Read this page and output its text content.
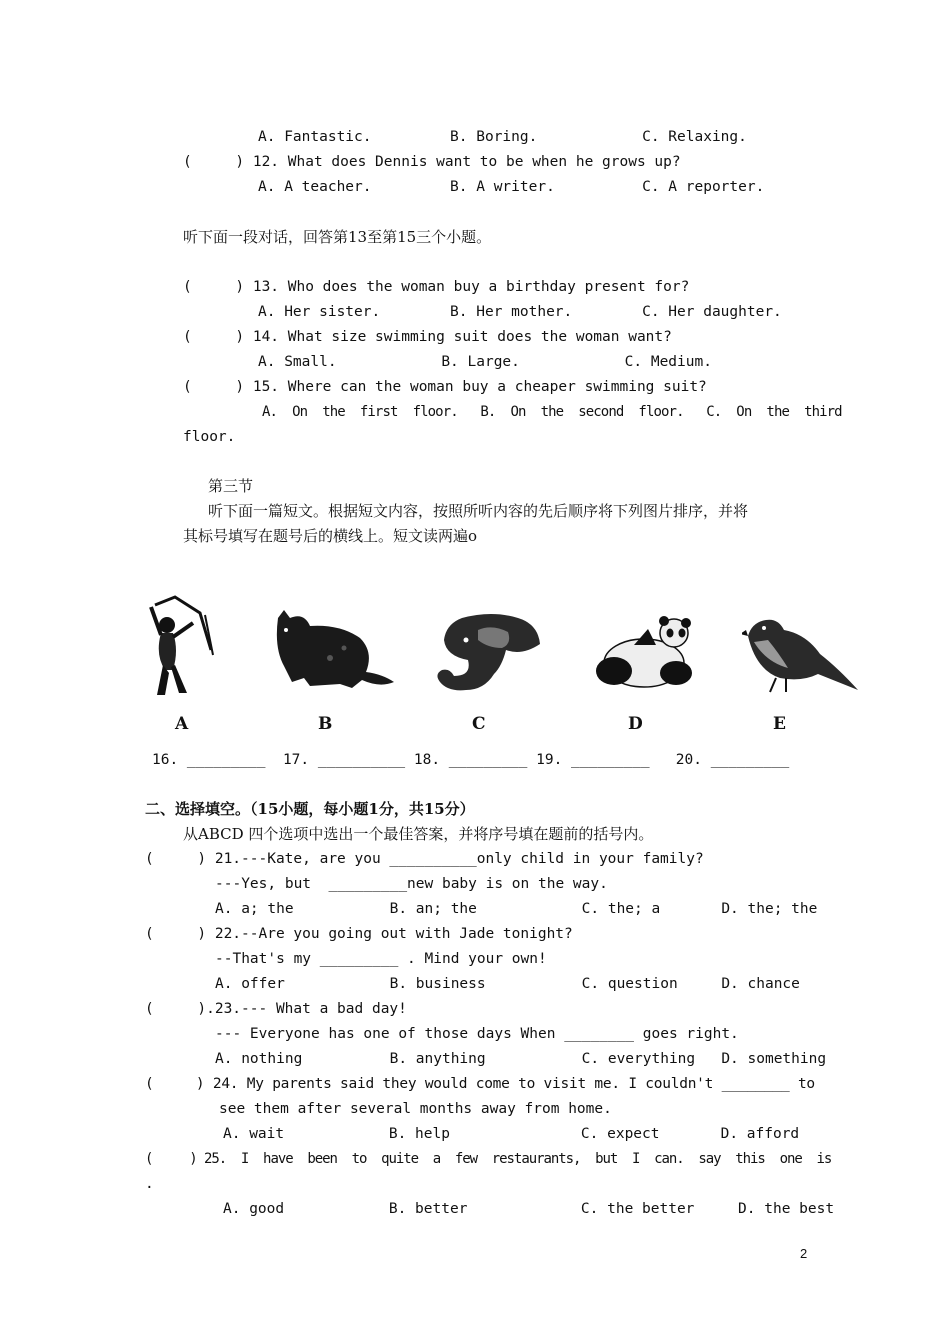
A. Fantastic.         B. Boring.            C. Relaxing.
(     ) 12. What does Dennis want to be when he grows up?
A. A teacher.         B. A writer.          C. A reporter.
听下面一段对话，回答第13至第15三个小题。
(     ) 13. Who does the woman buy a birthday present for?
A. Her sister.        B. Her mother.        C. Her daughter.
(     ) 14. What size swimming suit does the woman want?
A. Small.            B. Large.            C. Medium.
(     ) 15. Where can the woman buy a cheaper swimming suit?
A.  On  the  first  floor.   B.  On  the  second  floor.   C.  On  the  third
floor.
第三节
听下面一篇短文。根据短文内容，按照所听内容的先后顺序将下列图片排序，并将
其标号填写在题号后的横线上。短文读两遍o
A	B	C	D	E
16. _________  17. __________ 18. _________ 19. _________   20. _________
二、选择填空。（15小题，每小题1分，共15分）
从ABCD 四个选项中选出一个最佳答案，并将序号填在题前的括号内。
(     ) 21.---Kate, are you __________only child in your family?
---Yes, but  _________new baby is on the way.
A. a; the           B. an; the            C. the; a       D. the; the
(     ) 22.--Are you going out with Jade tonight?
--That's my _________ . Mind your own!
A. offer            B. business           C. question     D. chance
(     ).23.--- What a bad day!
--- Everyone has one of those days When ________ goes right.
A. nothing          B. anything           C. everything   D. something
(     ) 24. My parents said they would come to visit me. I couldn't ________ to
see them after several months away from home.
A. wait            B. help               C. expect       D. afford
(     ) 25.  I  have  been  to  quite  a  few  restaurants,  but  I  can.  say  this  one  is
.
A. good            B. better             C. the better     D. the best
2
